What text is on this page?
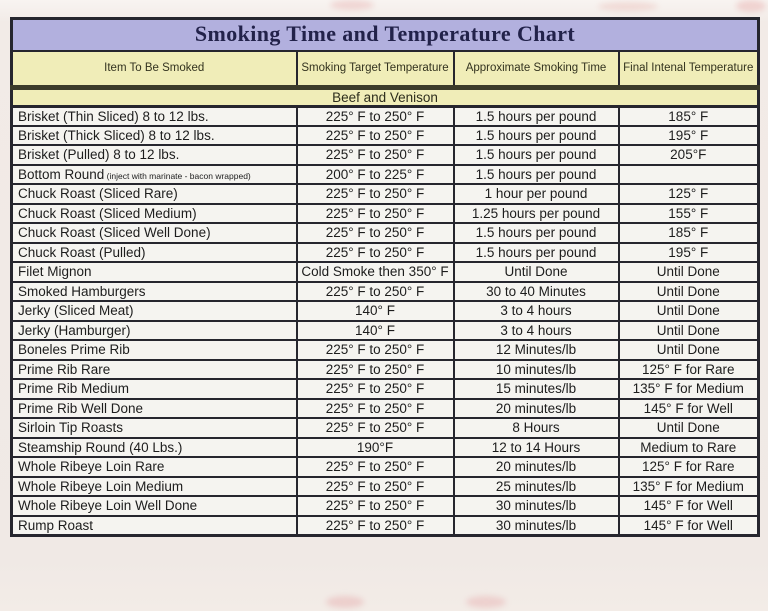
Smoking Time and Temperature Chart			
Item To Be Smoked	Smoking Target Temperature	Approximate Smoking Time	Final Intenal Temperature
Beef and Venison			
Brisket (Thin Sliced) 8 to 12 lbs.	225° F to 250° F	1.5 hours per pound	185° F
Brisket (Thick Sliced) 8 to 12 lbs.	225° F to 250° F	1.5 hours per pound	195° F
Brisket (Pulled) 8 to 12 lbs.	225° F to 250° F	1.5 hours per pound	205°F
Bottom Round (inject with marinate - bacon wrapped)	200° F to 225° F	1.5 hours per pound	
Chuck Roast (Sliced Rare)	225° F to 250° F	1 hour per pound	125° F
Chuck Roast (Sliced Medium)	225° F to 250° F	1.25 hours per pound	155° F
Chuck Roast (Sliced Well Done)	225° F to 250° F	1.5 hours per pound	185° F
Chuck Roast (Pulled)	225° F to 250° F	1.5 hours per pound	195° F
Filet Mignon	Cold Smoke then 350° F	Until Done	Until Done
Smoked Hamburgers	225° F to 250° F	30 to 40 Minutes	Until Done
Jerky (Sliced Meat)	140° F	3 to 4 hours	Until Done
Jerky (Hamburger)	140° F	3 to 4 hours	Until Done
Boneles Prime Rib	225° F to 250° F	12 Minutes/lb	Until Done
Prime Rib Rare	225° F to 250° F	10 minutes/lb	125° F for Rare
Prime Rib Medium	225° F to 250° F	15 minutes/lb	135° F for Medium
Prime Rib Well Done	225° F to 250° F	20 minutes/lb	145° F for Well
Sirloin Tip Roasts	225° F to 250° F	8 Hours	Until Done
Steamship Round (40 Lbs.)	190°F	12 to 14 Hours	Medium to Rare
Whole Ribeye Loin Rare	225° F to 250° F	20 minutes/lb	125° F for Rare
Whole Ribeye Loin Medium	225° F to 250° F	25 minutes/lb	135° F for Medium
Whole Ribeye Loin Well Done	225° F to 250° F	30 minutes/lb	145° F for Well
Rump Roast	225° F to 250° F	30 minutes/lb	145° F for Well
